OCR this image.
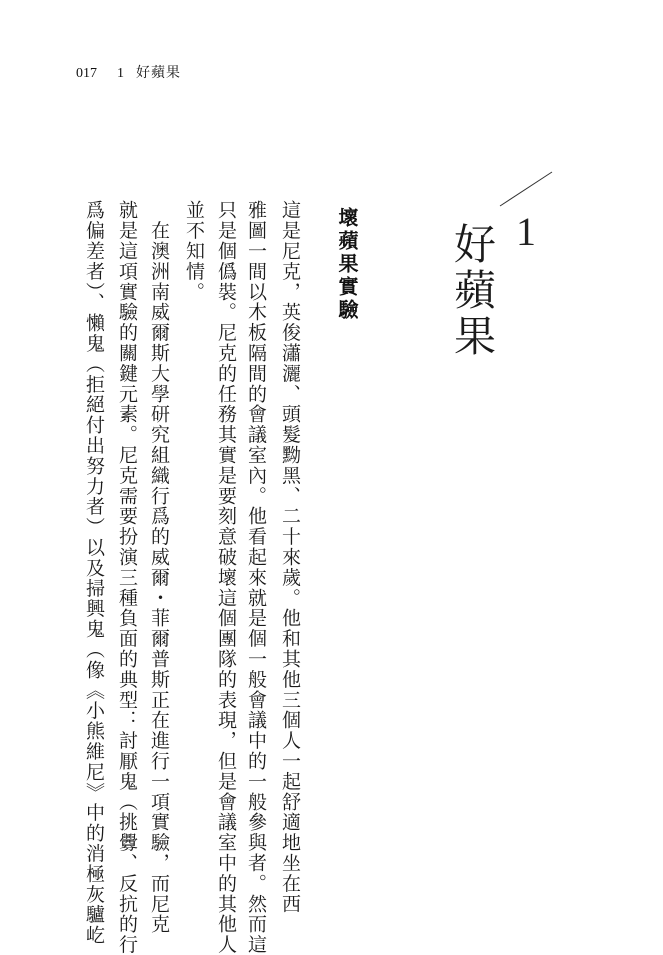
017 1 好蘋果
1
好蘋果
壞蘋果實驗
這是尼克，英俊瀟灑、頭髮黝黑、二十來歲。他和其他三個人一起舒適地坐在西
雅圖一間以木板隔間的會議室內。他看起來就是個一般會議中的一般參與者。然而這
只是個僞裝。尼克的任務其實是要刻意破壞這個團隊的表現，但是會議室中的其他人
並不知情。
　在澳洲南威爾斯大學研究組織行爲的威爾・菲爾普斯正在進行一項實驗，而尼克
就是這項實驗的關鍵元素。尼克需要扮演三種負面的典型：討厭鬼（挑釁、反抗的行
爲偏差者）、懶鬼（拒絕付出努力者）以及掃興鬼（像《小熊維尼》中的消極灰驢屹
